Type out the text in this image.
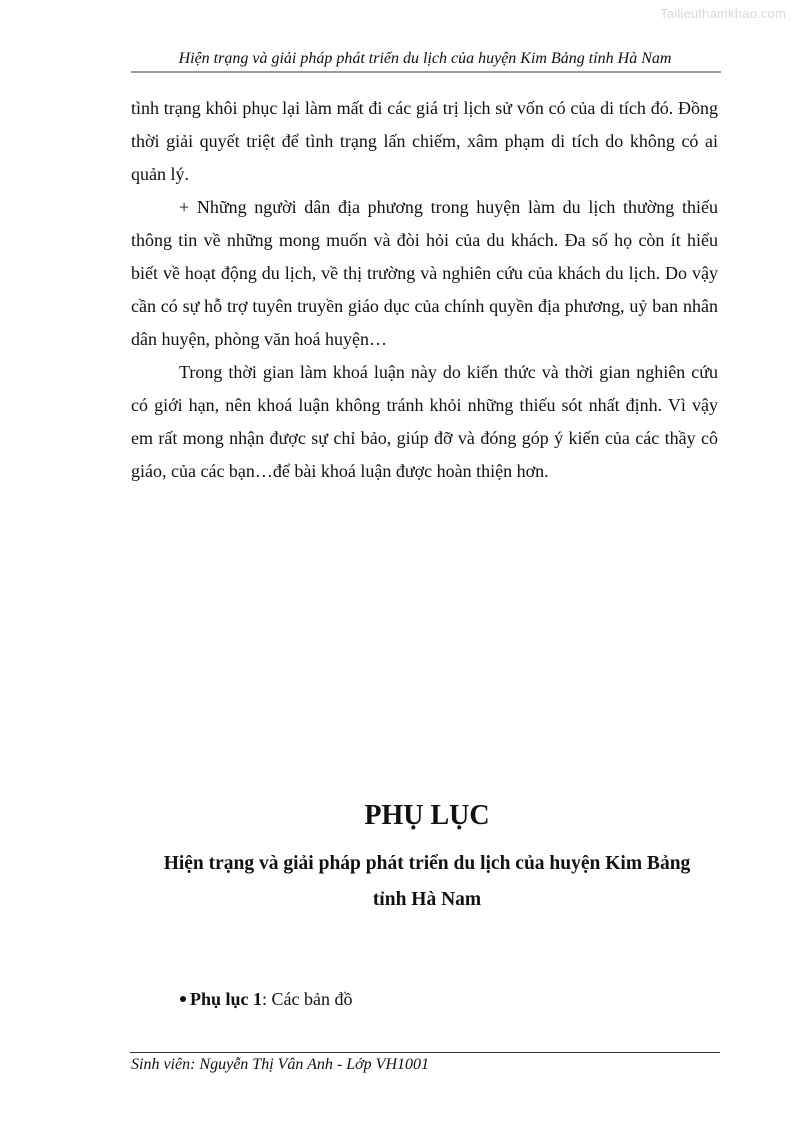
Tailieuthamkhao.com
Hiện trạng và giải pháp phát triển du lịch của huyện Kim Bảng tỉnh Hà Nam

tình trạng khôi phục lại làm mất đi các giá trị lịch sử vốn có của di tích đó. Đồng thời giải quyết triệt để tình trạng lấn chiếm, xâm phạm di tích do không có ai quản lý.

+ Những người dân địa phương trong huyện làm du lịch thường thiếu thông tin về những mong muốn và đòi hỏi của du khách. Đa số họ còn ít hiểu biết về hoạt động du lịch, về thị trường và nghiên cứu của khách du lịch. Do vậy cần có sự hỗ trợ tuyên truyền giáo dục của chính quyền địa phương, uỷ ban nhân dân huyện, phòng văn hoá huyện…

Trong thời gian làm khoá luận này do kiến thức và thời gian nghiên cứu có giới hạn, nên khoá luận không tránh khỏi những thiếu sót nhất định. Vì vậy em rất mong nhận được sự chỉ bảo, giúp đỡ và đóng góp ý kiến của các thầy cô giáo, của các bạn…để bài khoá luận được hoàn thiện hơn.

PHỤ LỤC
Hiện trạng và giải pháp phát triển du lịch của huyện Kim Bảng
tỉnh Hà Nam
Phụ lục 1: Các bản đồ
Sinh viên: Nguyễn Thị Vân Anh - Lớp VH1001
